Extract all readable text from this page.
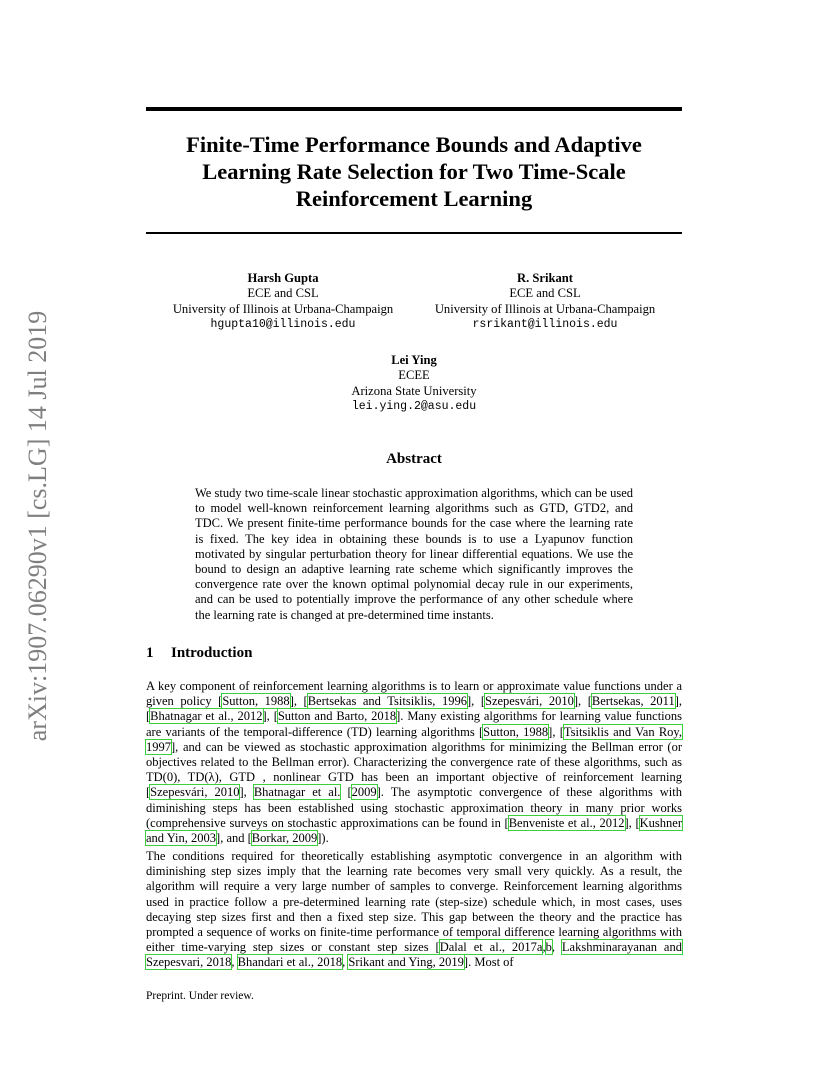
arXiv:1907.06290v1 [cs.LG] 14 Jul 2019
Finite-Time Performance Bounds and Adaptive Learning Rate Selection for Two Time-Scale Reinforcement Learning
Harsh Gupta
ECE and CSL
University of Illinois at Urbana-Champaign
hgupta10@illinois.edu
R. Srikant
ECE and CSL
University of Illinois at Urbana-Champaign
rsrikant@illinois.edu
Lei Ying
ECEE
Arizona State University
lei.ying.2@asu.edu
Abstract
We study two time-scale linear stochastic approximation algorithms, which can be used to model well-known reinforcement learning algorithms such as GTD, GTD2, and TDC. We present finite-time performance bounds for the case where the learning rate is fixed. The key idea in obtaining these bounds is to use a Lyapunov function motivated by singular perturbation theory for linear differential equations. We use the bound to design an adaptive learning rate scheme which significantly improves the convergence rate over the known optimal polynomial decay rule in our experiments, and can be used to potentially improve the performance of any other schedule where the learning rate is changed at pre-determined time instants.
1 Introduction
A key component of reinforcement learning algorithms is to learn or approximate value functions under a given policy [Sutton, 1988], [Bertsekas and Tsitsiklis, 1996], [Szepesvári, 2010], [Bertsekas, 2011], [Bhatnagar et al., 2012], [Sutton and Barto, 2018]. Many existing algorithms for learning value functions are variants of the temporal-difference (TD) learning algorithms [Sutton, 1988], [Tsitsiklis and Van Roy, 1997], and can be viewed as stochastic approximation algorithms for minimizing the Bellman error (or objectives related to the Bellman error). Characterizing the convergence rate of these algorithms, such as TD(0), TD(λ), GTD , nonlinear GTD has been an important objective of reinforcement learning [Szepesvári, 2010], Bhatnagar et al. [2009]. The asymptotic convergence of these algorithms with diminishing steps has been established using stochastic approximation theory in many prior works (comprehensive surveys on stochastic approximations can be found in [Benveniste et al., 2012], [Kushner and Yin, 2003], and [Borkar, 2009]).
The conditions required for theoretically establishing asymptotic convergence in an algorithm with diminishing step sizes imply that the learning rate becomes very small very quickly. As a result, the algorithm will require a very large number of samples to converge. Reinforcement learning algorithms used in practice follow a pre-determined learning rate (step-size) schedule which, in most cases, uses decaying step sizes first and then a fixed step size. This gap between the theory and the practice has prompted a sequence of works on finite-time performance of temporal difference learning algorithms with either time-varying step sizes or constant step sizes [Dalal et al., 2017a,b, Lakshminarayanan and Szepesvari, 2018, Bhandari et al., 2018, Srikant and Ying, 2019]. Most of
Preprint. Under review.
